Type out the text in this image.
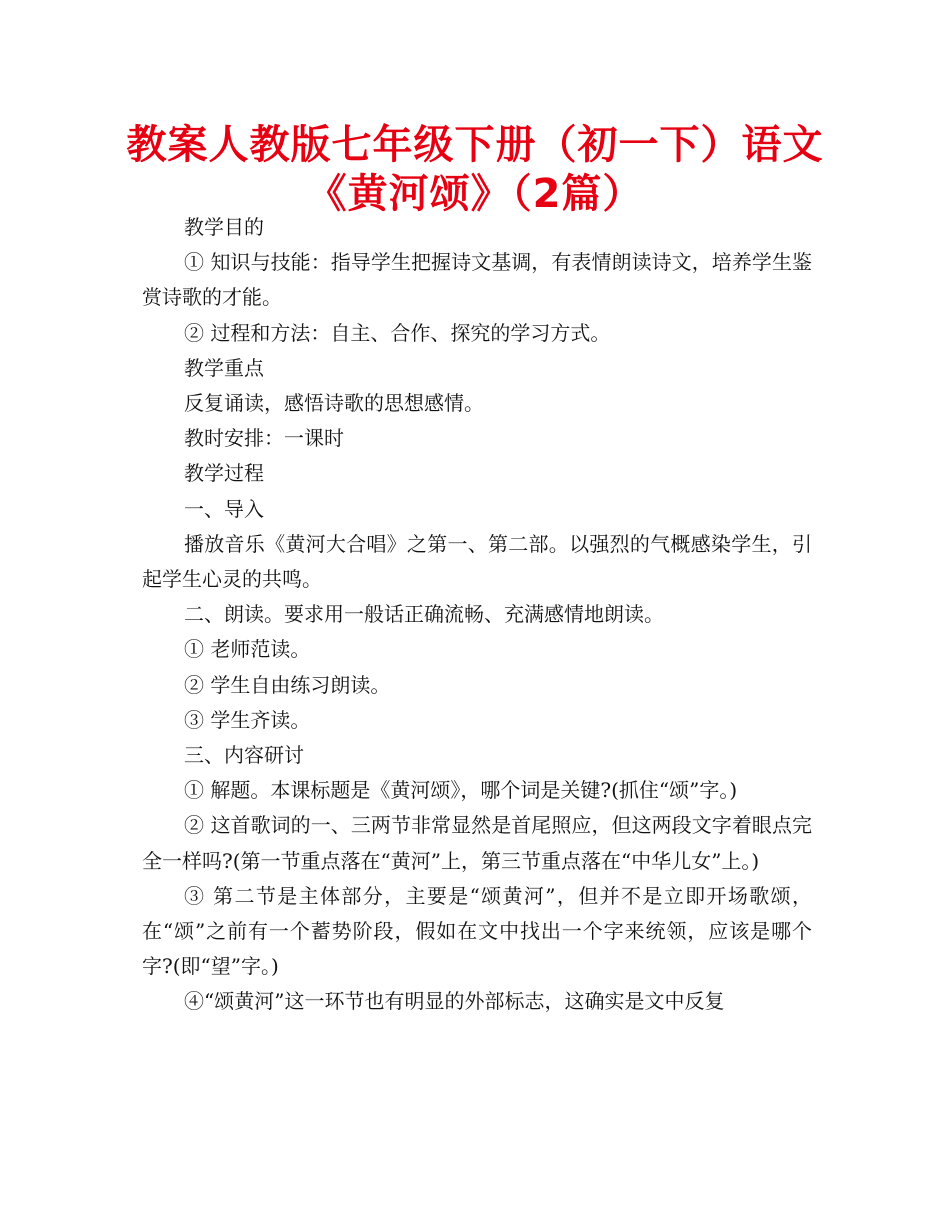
教案人教版七年级下册（初一下）语文
《黄河颂》（2篇）

教学目的

① 知识与技能：指导学生把握诗文基调，有表情朗读诗文，培养学生鉴赏诗歌的才能。

② 过程和方法：自主、合作、探究的学习方式。

教学重点

反复诵读，感悟诗歌的思想感情。

教时安排：一课时

教学过程

一、导入

播放音乐《黄河大合唱》之第一、第二部。以强烈的气概感染学生，引起学生心灵的共鸣。

二、朗读。要求用一般话正确流畅、充满感情地朗读。

① 老师范读。

② 学生自由练习朗读。

③ 学生齐读。

三、内容研讨

① 解题。本课标题是《黄河颂》，哪个词是关键?(抓住“颂”字。)

② 这首歌词的一、三两节非常显然是首尾照应，但这两段文字着眼点完全一样吗?(第一节重点落在“黄河”上，第三节重点落在“中华儿女”上。)

③ 第二节是主体部分，主要是“颂黄河”，但并不是立即开场歌颂，在“颂”之前有一个蓄势阶段，假如在文中找出一个字来统领，应该是哪个字?(即“望”字。)

④“颂黄河”这一环节也有明显的外部标志，这确实是文中反复
